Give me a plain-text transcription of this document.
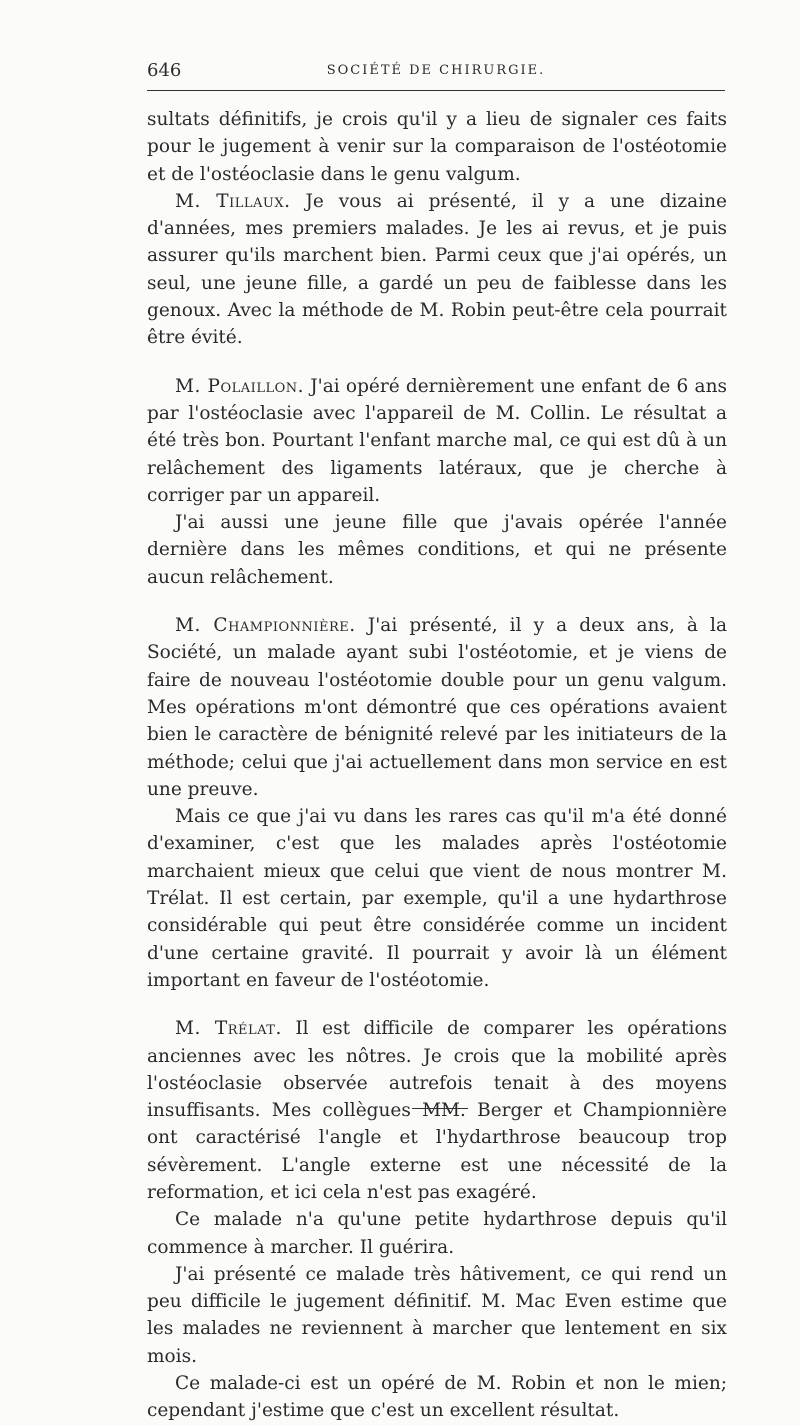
646	SOCIÉTÉ DE CHIRURGIE.

sultats définitifs, je crois qu'il y a lieu de signaler ces faits pour le jugement à venir sur la comparaison de l'ostéotomie et de l'ostéoclasie dans le genu valgum.

M. Tillaux. Je vous ai présenté, il y a une dizaine d'années, mes premiers malades. Je les ai revus, et je puis assurer qu'ils marchent bien. Parmi ceux que j'ai opérés, un seul, une jeune fille, a gardé un peu de faiblesse dans les genoux. Avec la méthode de M. Robin peut-être cela pourrait être évité.

M. Polaillon. J'ai opéré dernièrement une enfant de 6 ans par l'ostéoclasie avec l'appareil de M. Collin. Le résultat a été très bon. Pourtant l'enfant marche mal, ce qui est dû à un relâchement des ligaments latéraux, que je cherche à corriger par un appareil.

J'ai aussi une jeune fille que j'avais opérée l'année dernière dans les mêmes conditions, et qui ne présente aucun relâchement.

M. Championnière. J'ai présenté, il y a deux ans, à la Société, un malade ayant subi l'ostéotomie, et je viens de faire de nouveau l'ostéotomie double pour un genu valgum. Mes opérations m'ont démontré que ces opérations avaient bien le caractère de bénignité relevé par les initiateurs de la méthode; celui que j'ai actuellement dans mon service en est une preuve.

Mais ce que j'ai vu dans les rares cas qu'il m'a été donné d'examiner, c'est que les malades après l'ostéotomie marchaient mieux que celui que vient de nous montrer M. Trélat. Il est certain, par exemple, qu'il a une hydarthrose considérable qui peut être considérée comme un incident d'une certaine gravité. Il pourrait y avoir là un élément important en faveur de l'ostéotomie.

M. Trélat. Il est difficile de comparer les opérations anciennes avec les nôtres. Je crois que la mobilité après l'ostéoclasie observée autrefois tenait à des moyens insuffisants. Mes collègues MM. Berger et Championnière ont caractérisé l'angle et l'hydarthrose beaucoup trop sévèrement. L'angle externe est une nécessité de la reformation, et ici cela n'est pas exagéré.

Ce malade n'a qu'une petite hydarthrose depuis qu'il commence à marcher. Il guérira.

J'ai présenté ce malade très hâtivement, ce qui rend un peu difficile le jugement définitif. M. Mac Even estime que les malades ne reviennent à marcher que lentement en six mois.

Ce malade-ci est un opéré de M. Robin et non le mien; cependant j'estime que c'est un excellent résultat.
